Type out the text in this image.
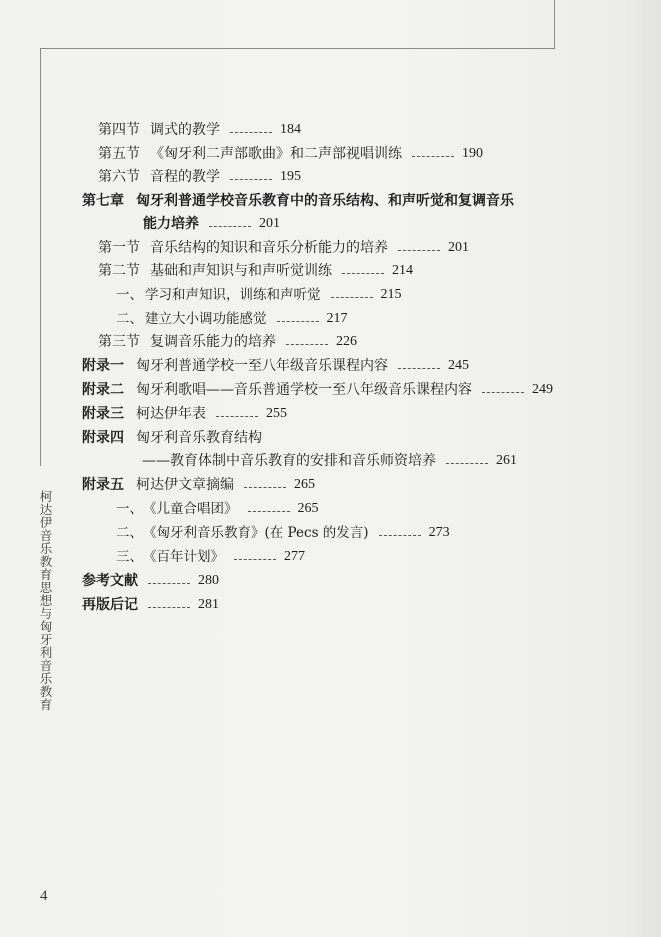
第四节 调式的教学	184
第五节 《匈牙利二声部歌曲》和二声部视唱训练	190
第六节 音程的教学	195
第七章 匈牙利普通学校音乐教育中的音乐结构、和声听觉和复调音乐
能力培养	201
第一节 音乐结构的知识和音乐分析能力的培养	201
第二节 基础和声知识与和声听觉训练	214
一、 学习和声知识，训练和声听觉	215
二、 建立大小调功能感觉	217
第三节 复调音乐能力的培养	226
附录一 匈牙利普通学校一至八年级音乐课程内容	245
附录二 匈牙利歌唱——音乐普通学校一至八年级音乐课程内容	249
附录三 柯达伊年表	255
附录四 匈牙利音乐教育结构
——教育体制中音乐教育的安排和音乐师资培养	261
附录五 柯达伊文章摘编	265
一、 《儿童合唱团》	265
二、 《匈牙利音乐教育》(在 Pecs 的发言)	273
三、 《百年计划》	277
参考文献	280
再版后记	281
柯达伊音乐教育思想与匈牙利音乐教育
4
